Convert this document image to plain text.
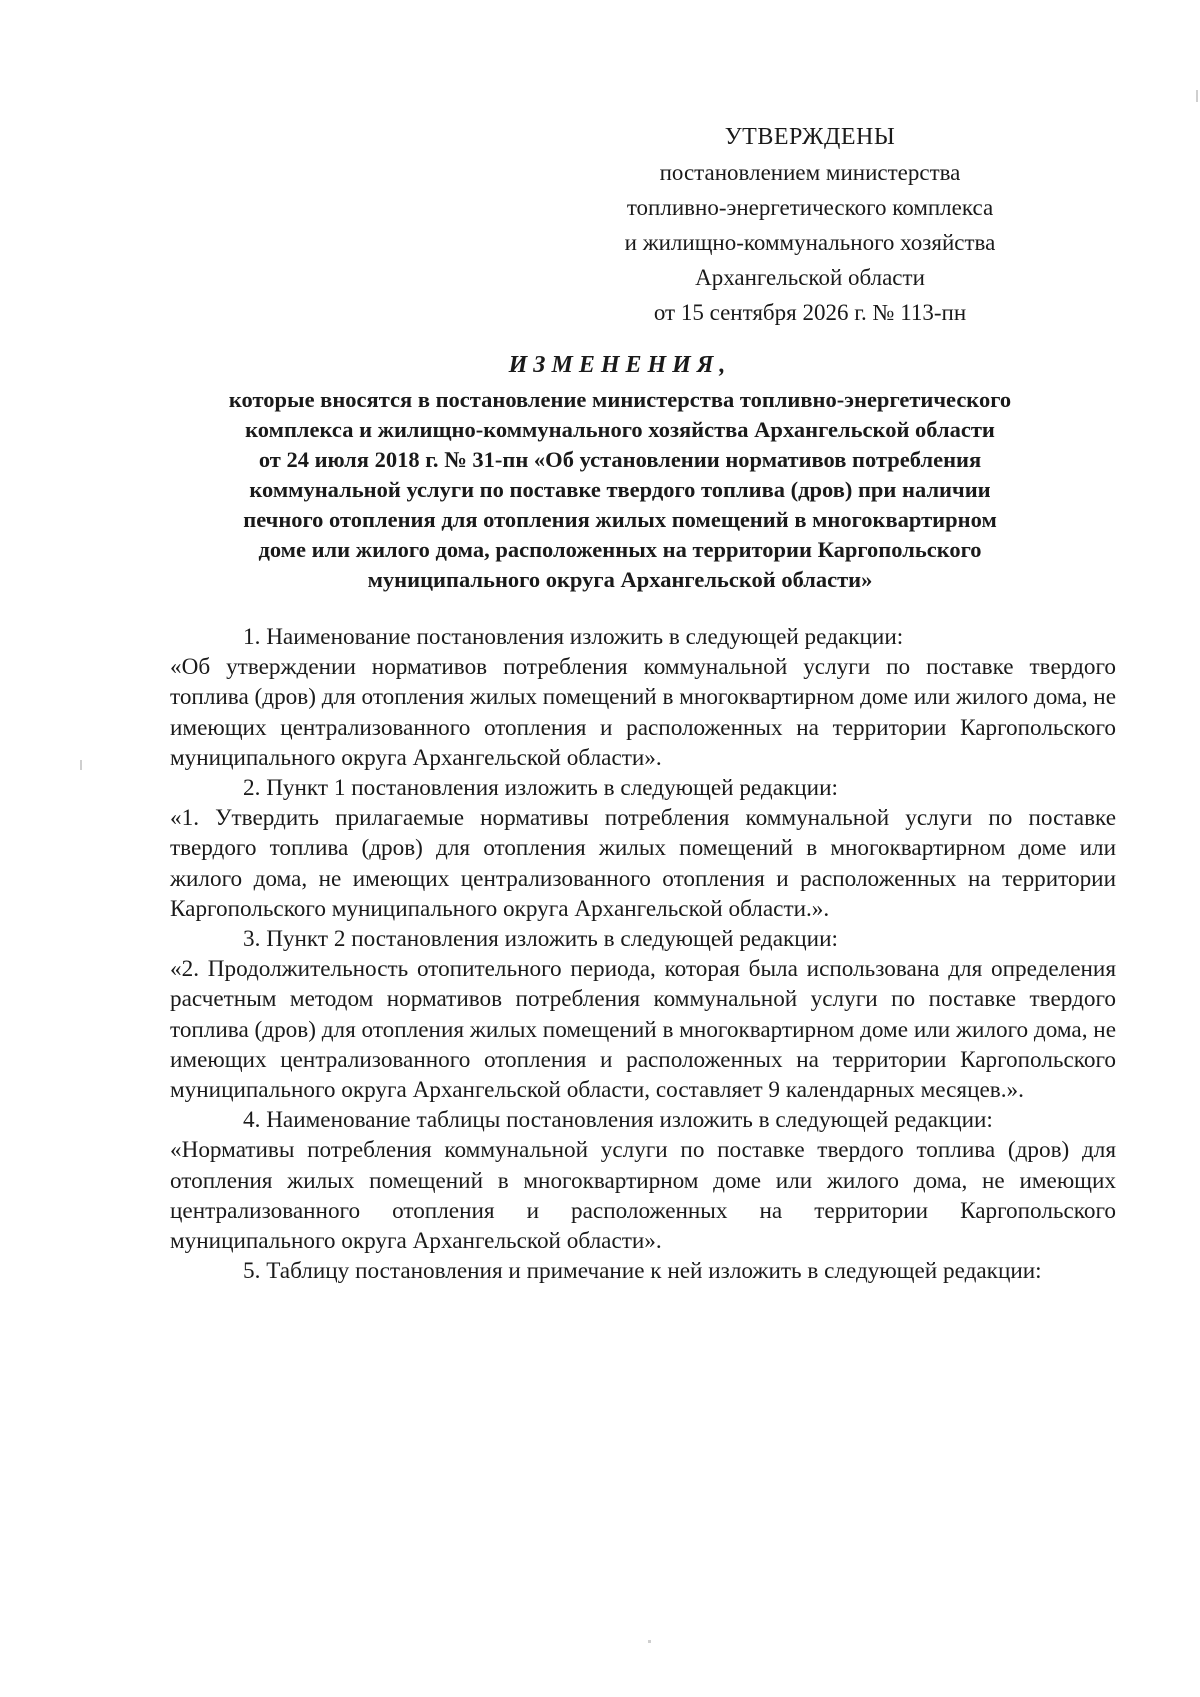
УТВЕРЖДЕНЫ
постановлением министерства
топливно-энергетического комплекса
и жилищно-коммунального хозяйства
Архангельской области
от 15 сентября 2026 г. № 113-пн
ИЗМЕНЕНИЯ,
которые вносятся в постановление министерства топливно-энергетического
комплекса и жилищно-коммунального хозяйства Архангельской области
от 24 июля 2018 г. № 31-пн «Об установлении нормативов потребления
коммунальной услуги по поставке твердого топлива (дров) при наличии
печного отопления для отопления жилых помещений в многоквартирном
доме или жилого дома, расположенных на территории Каргопольского
муниципального округа Архангельской области»

1. Наименование постановления изложить в следующей редакции:

«Об утверждении нормативов потребления коммунальной услуги по поставке твердого топлива (дров) для отопления жилых помещений в многоквартирном доме или жилого дома, не имеющих централизованного отопления и расположенных на территории Каргопольского муниципального округа Архангельской области».

2. Пункт 1 постановления изложить в следующей редакции:

«1. Утвердить прилагаемые нормативы потребления коммунальной услуги по поставке твердого топлива (дров) для отопления жилых помещений в многоквартирном доме или жилого дома, не имеющих централизованного отопления и расположенных на территории Каргопольского муниципального округа Архангельской области.».

3. Пункт 2 постановления изложить в следующей редакции:

«2. Продолжительность отопительного периода, которая была использована для определения расчетным методом нормативов потребления коммунальной услуги по поставке твердого топлива (дров) для отопления жилых помещений в многоквартирном доме или жилого дома, не имеющих централизованного отопления и расположенных на территории Каргопольского муниципального округа Архангельской области, составляет 9 календарных месяцев.».

4. Наименование таблицы постановления изложить в следующей редакции:

«Нормативы потребления коммунальной услуги по поставке твердого топлива (дров) для отопления жилых помещений в многоквартирном доме или жилого дома, не имеющих централизованного отопления и расположенных на территории Каргопольского муниципального округа Архангельской области».

5. Таблицу постановления и примечание к ней изложить в следующей редакции:
